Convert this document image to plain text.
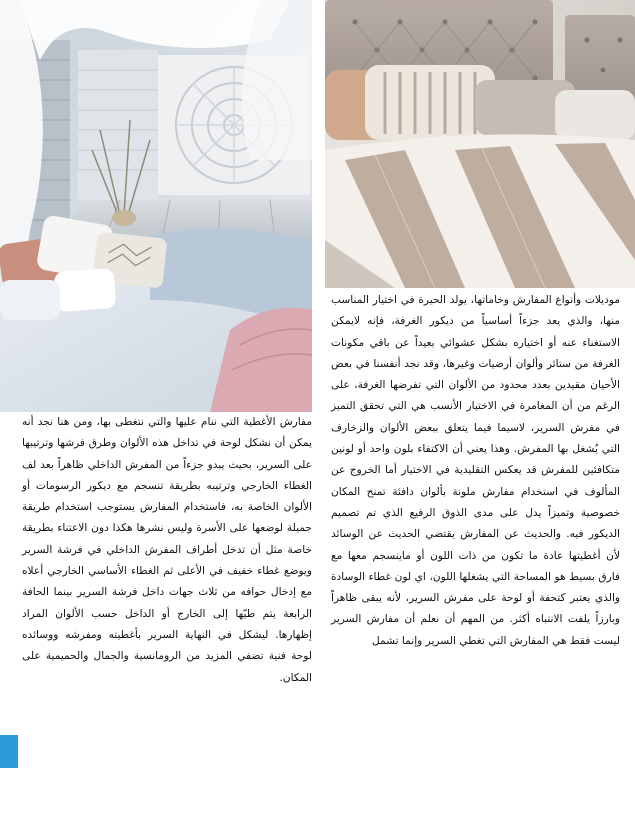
موديلات وأنواع المفارش وخاماتها، يولد الحيرة في اختيار المناسب منها، والذي يعد جزءاً أساسياً من ديكور الغرفة، فإنه لايمكن الاستغناء عنه أو اختياره بشكل عشوائي بعيداً عن باقي مكونات الغرفة من ستائر وألوان أرضيات وغيرها، وقد نجد أنفسنا في بعض الأحيان مقيدين بعدد محدود من الألوان التي تفرضها الغرفة، على الرغم من أن المغامرة في الاختيار الأنسب هي التي تحقق التميز في مفرش السرير، لاسيما فيما يتعلق ببعض الألوان والزخارف التي يُشغل بها المفرش. وهذا يعني أن الاكتفاء بلون واحد أو لونين متكافئين للمفرش قد يعكس التقليدية في الاختيار أما الخروج عن المألوف في استخدام مفارش ملونة بألوان دافئة تمنح المكان خصوصية وتميزاً يدل على مدى الذوق الرفيع الذي تم تصميم الديكور فيه. والحديث عن المفارش يقتضي الحديث عن الوسائد لأن أغطيتها عادة ما تكون من ذات اللون أو ماينسجم معها مع فارق بسيط هو المساحة التي يشغلها اللون، اي لون غطاء الوسادة والذي يعتبر كتحفة أو لوحة على مفرش السرير، لأنه يبقى ظاهراً وبارزاً يلفت الانتباه أكثر. من المهم أن نعلم أن مفارش السرير ليست فقط هي المفارش التي تغطي السرير وإنما تشمل

مفارش الأغطية التي ننام عليها والتي نتغطى بها، ومن هنا نجد أنه يمكن أن نشكل لوحة في تداخل هذه الألوان وطرق فرشها وترتيبها على السرير، بحيث يبدو جزءاً من المفرش الداخلي ظاهراً بعد لف الغطاء الخارجي وترتيبه بطريقة تنسجم مع ديكور الرسومات أو الألوان الخاصة به، فاستخدام المفارش يستوجب استخدام طريقة جميلة لوضعها على الأسرة وليس نشرها هكذا دون الاعتناء بطريقة خاصة مثل أن تدخل أطراف المفرش الداخلي في فرشة السرير ويوضع غطاء خفيف في الأعلى ثم الغطاء الأساسي الخارجي أعلاه مع إدخال حوافه من ثلاث جهات داخل فرشة السرير بينما الحافة الرابعة يتم طيّها إلى الخارج أو الداخل حسب الألوان المراد إظهارها. ليشكل في النهاية السرير بأغطيته ومفرشه ووسائده لوحة فنية تضفي المزيد من الرومانسية والجمال والحميمية على المكان.
